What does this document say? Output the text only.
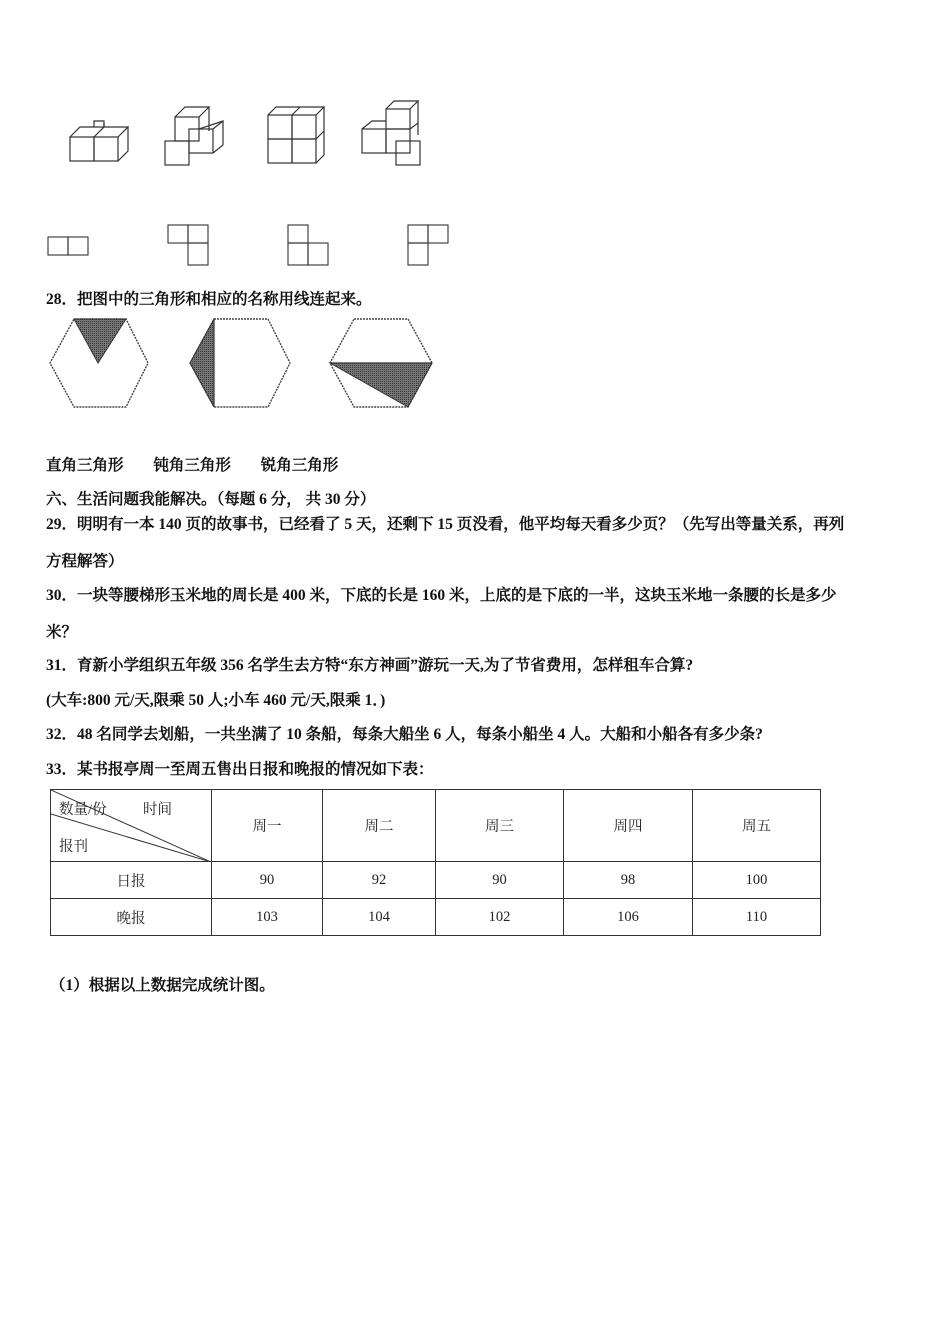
28．把图中的三角形和相应的名称用线连起来。
直角三角形 钝角三角形 锐角三角形
六、生活问题我能解决。（每题 6 分， 共 30 分）
29．明明有一本 140 页的故事书，已经看了 5 天，还剩下 15 页没看，他平均每天看多少页？（先写出等量关系，再列
方程解答）
30．一块等腰梯形玉米地的周长是 400 米，下底的长是 160 米，上底的是下底的一半，这块玉米地一条腰的长是多少
米？
31．育新小学组织五年级 356 名学生去方特“东方神画”游玩一天,为了节省费用，怎样租车合算?
(大车:800 元/天,限乘 50 人;小车 460 元/天,限乘 1．)
32．48 名同学去划船，一共坐满了 10 条船，每条大船坐 6 人，每条小船坐 4 人。大船和小船各有多少条?
33．某书报亭周一至周五售出日报和晚报的情况如下表：
数量/份 时间
报刊	周一	周二	周三	周四	周五
日报	90	92	90	98	100
晚报	103	104	102	106	110
（1）根据以上数据完成统计图。
